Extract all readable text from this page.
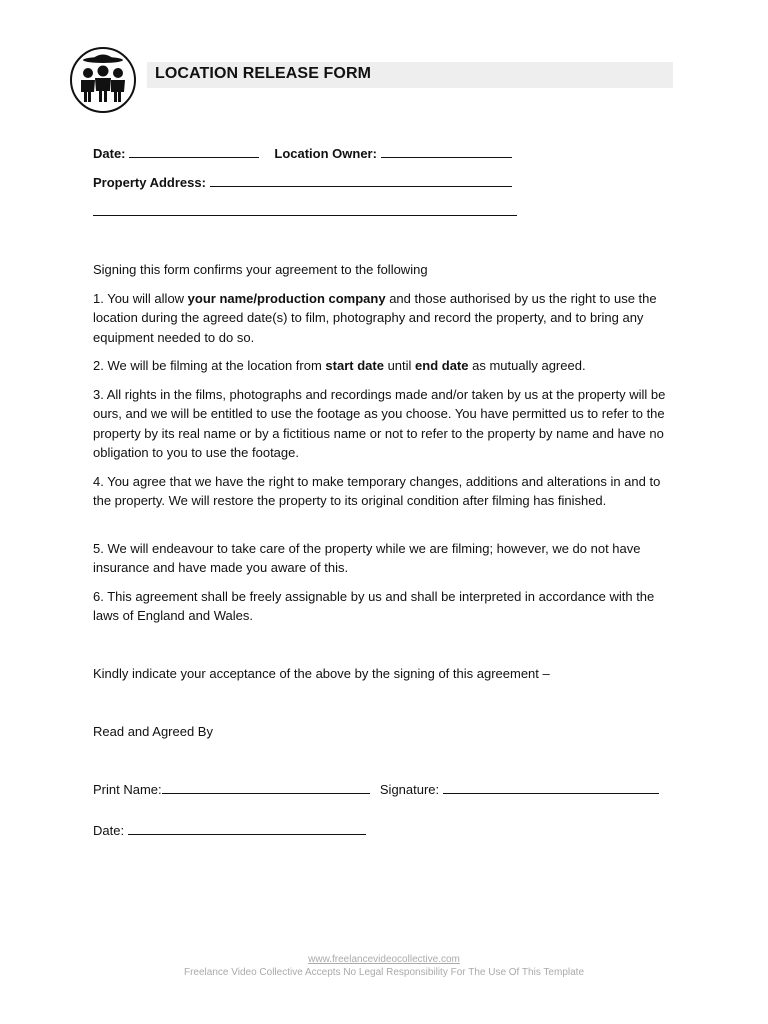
LOCATION RELEASE FORM
Date:	Location Owner:
Property Address:
Signing this form confirms your agreement to the following
1. You will allow your name/production company and those authorised by us the right to use the location during the agreed date(s) to film, photography and record the property, and to bring any equipment needed to do so.
2. We will be filming at the location from start date until end date as mutually agreed.
3. All rights in the films, photographs and recordings made and/or taken by us at the property will be ours, and we will be entitled to use the footage as you choose. You have permitted us to refer to the property by its real name or by a fictitious name or not to refer to the property by name and have no obligation to you to use the footage.
4. You agree that we have the right to make temporary changes, additions and alterations in and to the property. We will restore the property to its original condition after filming has finished.
5. We will endeavour to take care of the property while we are filming; however, we do not have insurance and have made you aware of this.
6. This agreement shall be freely assignable by us and shall be interpreted in accordance with the laws of England and Wales.
Kindly indicate your acceptance of the above by the signing of this agreement –
Read and Agreed By
Print Name:	Signature:
Date:
www.freelancevideocollective.com
Freelance Video Collective Accepts No Legal Responsibility For The Use Of This Template
